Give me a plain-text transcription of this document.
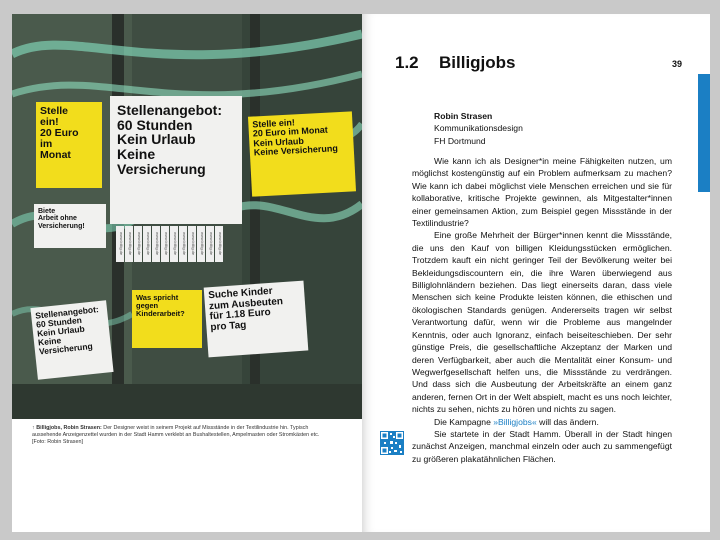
Stellenangebot:
60 Stunden
Kein Urlaub
Keine
Versicherung
Stelle
ein!
20 Euro
im
Monat
Stelle ein!
20 Euro im Monat
Kein Urlaub
Keine Versicherung
Biete
Arbeit ohne
Versicherung!
www.billig.de	www.billig.de	www.billig.de	www.billig.de	www.billig.de	www.billig.de	www.billig.de	www.billig.de	www.billig.de	www.billig.de	www.billig.de	www.billig.de
Stellenangebot:
60 Stunden
Kein Urlaub
Keine
Versicherung
Was spricht
gegen
Kinderarbeit?
Suche Kinder
zum Ausbeuten
für 1.18 Euro
pro Tag
↑ Billigjobs, Robin Strasen: Der Designer weist in seinem Projekt auf Missstände in der Textilindustrie hin. Typisch aussehende Anzeigenzettel wurden in der Stadt Hamm verklebt an Bushaltestellen, Ampelmasten oder Stromkästen etc. [Foto: Robin Strasen]
1.2 Billigjobs	39
Robin Strasen
Kommunikationsdesign
FH Dortmund

Wie kann ich als Designer*in meine Fähigkeiten nutzen, um möglichst kostengünstig auf ein Problem aufmerksam zu machen? Wie kann ich dabei möglichst viele Menschen erreichen und sie für kollaborative, kritische Projekte gewinnen, als Mitgestalter*innen einer gemeinsamen Aktion, zum Beispiel gegen Missstände in der Textilindustrie?

Eine große Mehrheit der Bürger*innen kennt die Missstände, die uns den Kauf von billigen Kleidungsstücken ermöglichen. Trotzdem kauft ein nicht geringer Teil der Bevölkerung weiter bei Bekleidungsdiscountern ein, die ihre Waren überwiegend aus Billiglohnländern beziehen. Das liegt einerseits daran, dass viele Menschen sich keine Produkte leisten können, die ethischen und ökologischen Standards genügen. Andererseits tragen wir selbst Verantwortung dafür, wenn wir die Probleme aus mangelnder Kenntnis, oder auch Ignoranz, einfach beiseiteschieben. Der sehr günstige Preis, die gesellschaftliche Akzeptanz der Marken und deren Verfügbarkeit, aber auch die Mentalität einer Konsum- und Wegwerfgesellschaft helfen uns, die Missstände zu verdrängen. Und dass sich die Ausbeutung der Arbeitskräfte an einem ganz anderen, fernen Ort in der Welt abspielt, macht es uns noch leichter, nichts zu sehen, nichts zu hören und nichts zu sagen.

Die Kampagne »Billigjobs« will das ändern.

Sie startete in der Stadt Hamm. Überall in der Stadt hingen zunächst Anzeigen, manchmal einzeln oder auch zu sammengefügt zu größeren plakatähnlichen Flächen.
